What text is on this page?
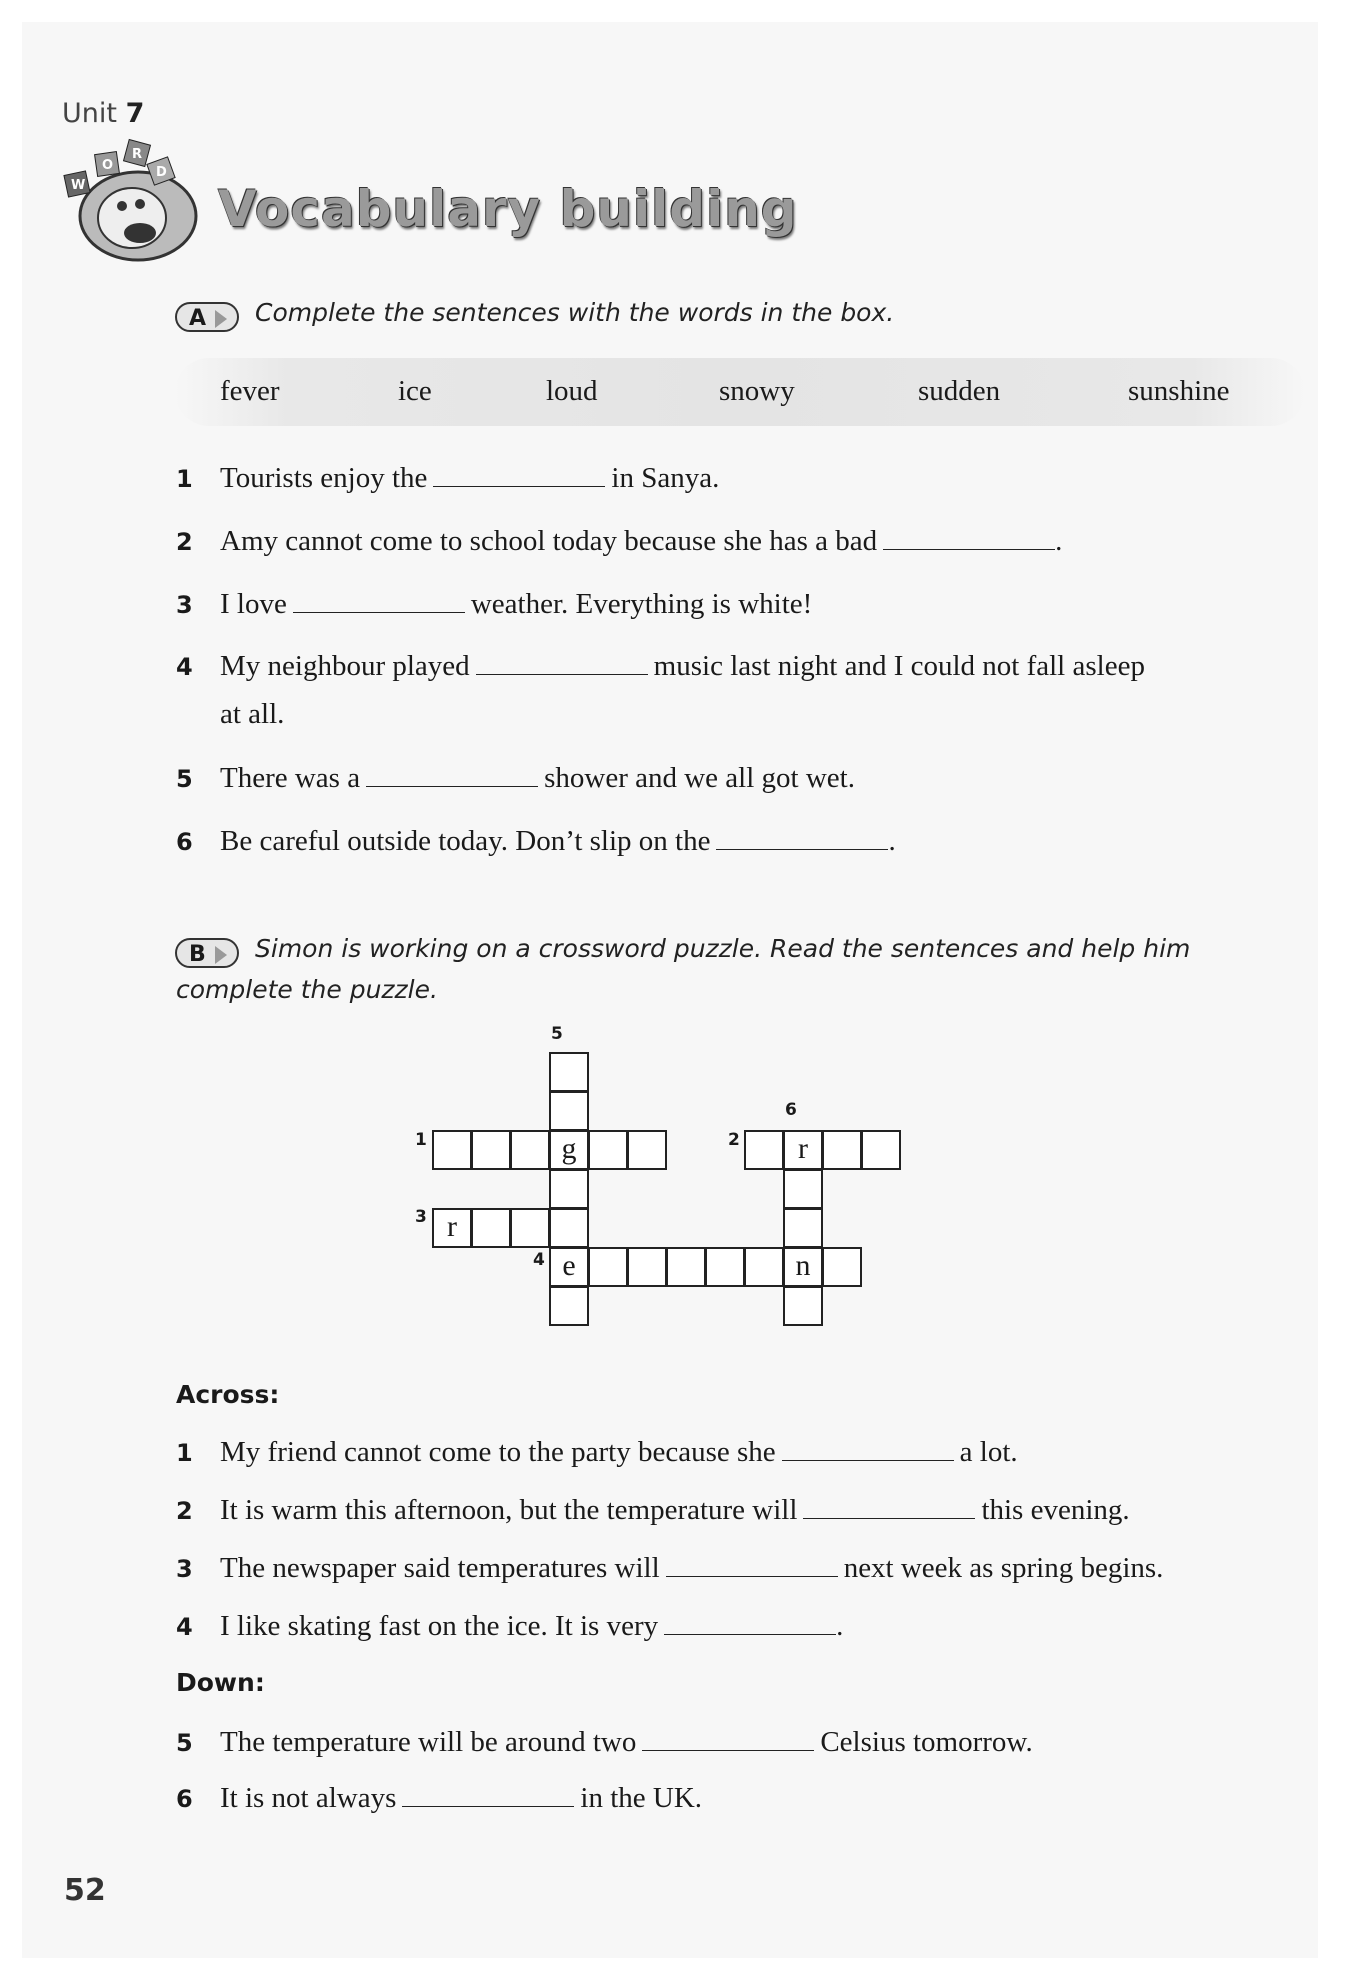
Unit 7
W
O
R
D
Vocabulary building
A Complete the sentences with the words in the box.
fever	ice	loud	snowy	sudden	sunshine
1 Tourists enjoy the	in Sanya.
2 Amy cannot come to school today because she has a bad	.
3 I love	weather. Everything is white!
4 My neighbour played	music last night and I could not fall asleep
at all.
5 There was a	shower and we all got wet.
6 Be careful outside today. Don’t slip on the	.
B Simon is working on a crossword puzzle. Read the sentences and help him
complete the puzzle.
g	r
r
e	n
1	2
3
4
5
6
Across:
Down:
1 My friend cannot come to the party because she	a lot.
2 It is warm this afternoon, but the temperature will	this evening.
3 The newspaper said temperatures will	next week as spring begins.
4 I like skating fast on the ice. It is very	.
5 The temperature will be around two	Celsius tomorrow.
6 It is not always	in the UK.
52
